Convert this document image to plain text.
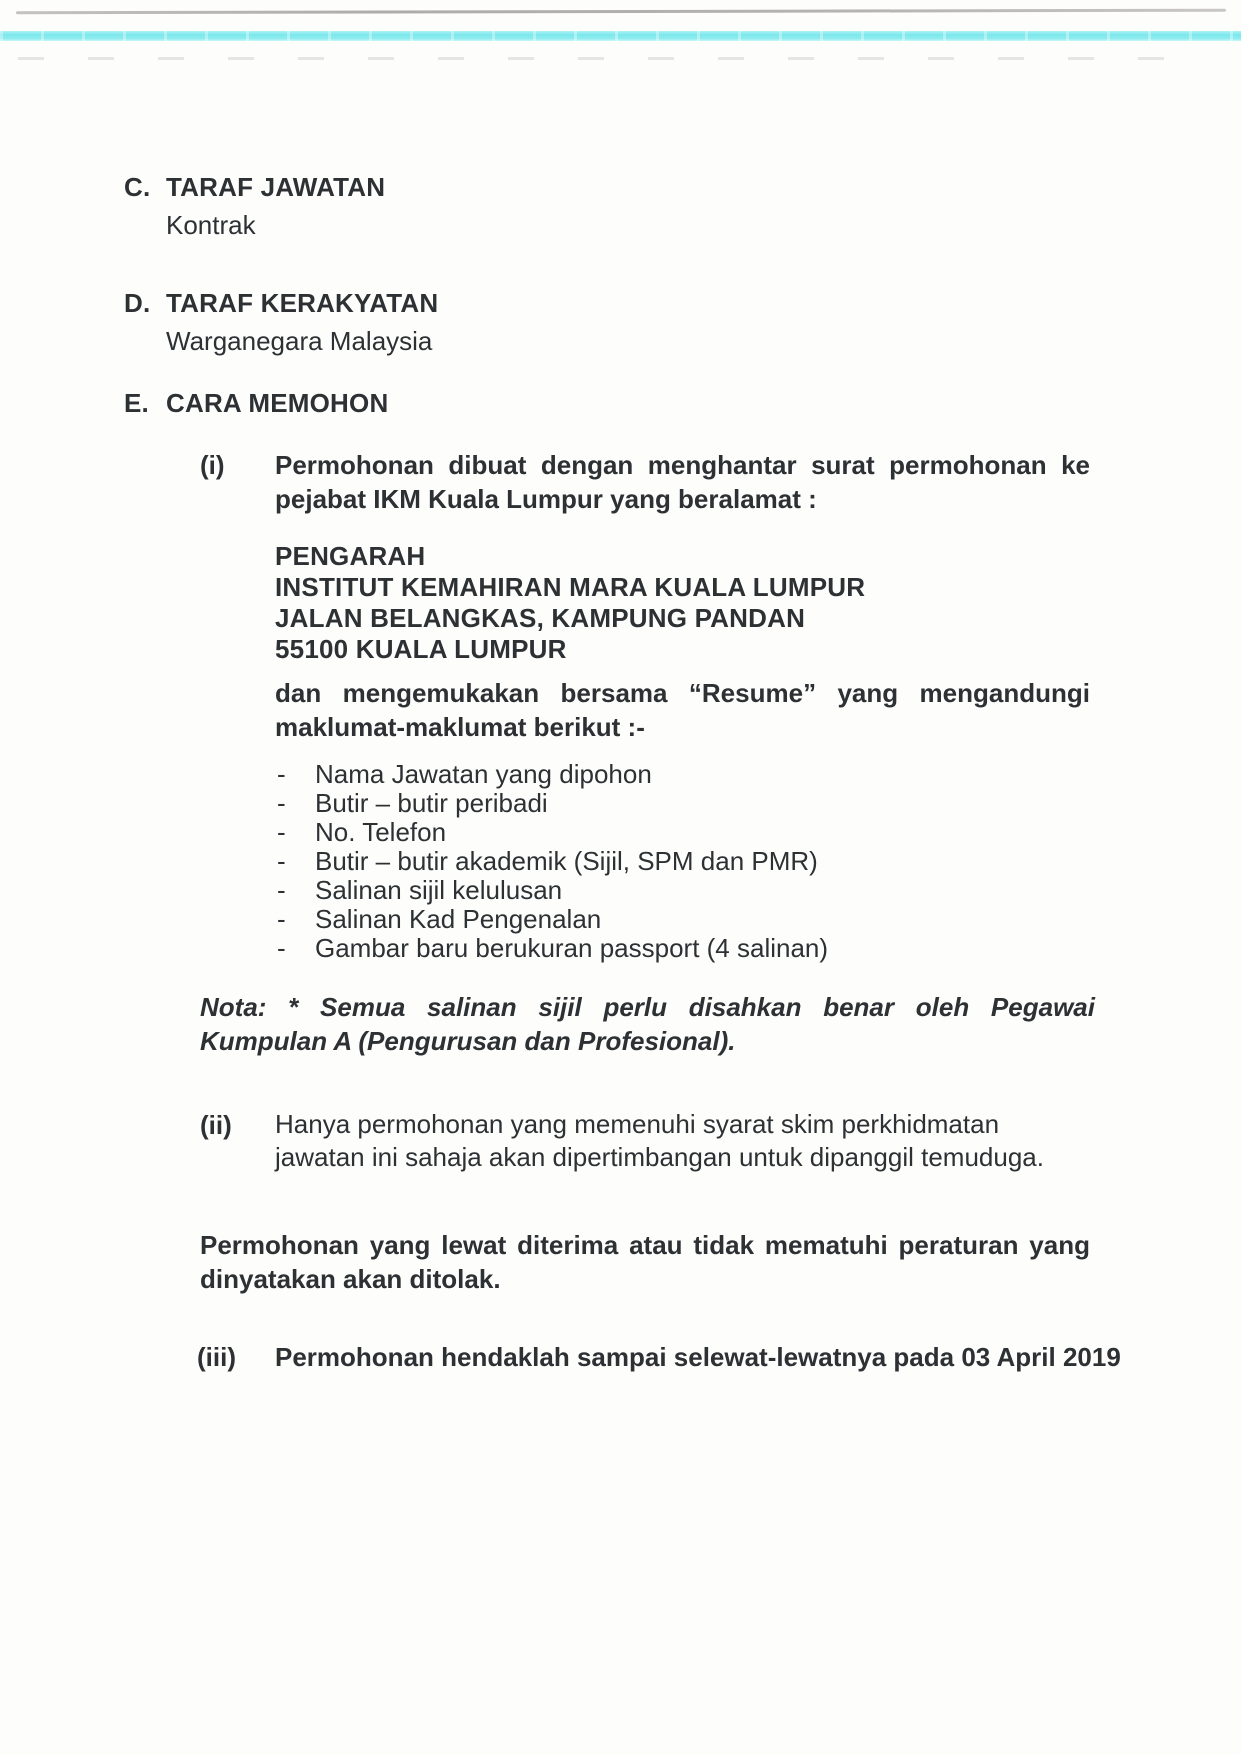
C. TARAF JAWATAN
Kontrak
D. TARAF KERAKYATAN
Warganegara Malaysia
E. CARA MEMOHON
(i)	Permohonan dibuat dengan menghantar surat permohonan ke pejabat IKM Kuala Lumpur yang beralamat :
PENGARAH
INSTITUT KEMAHIRAN MARA KUALA LUMPUR
JALAN BELANGKAS, KAMPUNG PANDAN
55100 KUALA LUMPUR
dan mengemukakan bersama “Resume” yang mengandungi maklumat-maklumat berikut :-
-	Nama Jawatan yang dipohon
-	Butir – butir peribadi
-	No. Telefon
-	Butir – butir akademik (Sijil, SPM dan PMR)
-	Salinan sijil kelulusan
-	Salinan Kad Pengenalan
-	Gambar baru berukuran passport (4 salinan)
Nota: * Semua salinan sijil perlu disahkan benar oleh Pegawai Kumpulan A (Pengurusan dan Profesional).
(ii)	Hanya permohonan yang memenuhi syarat skim perkhidmatan jawatan ini sahaja akan dipertimbangan untuk dipanggil temuduga.
Permohonan yang lewat diterima atau tidak mematuhi peraturan yang dinyatakan akan ditolak.
(iii)	Permohonan hendaklah sampai selewat-lewatnya pada 03 April 2019
